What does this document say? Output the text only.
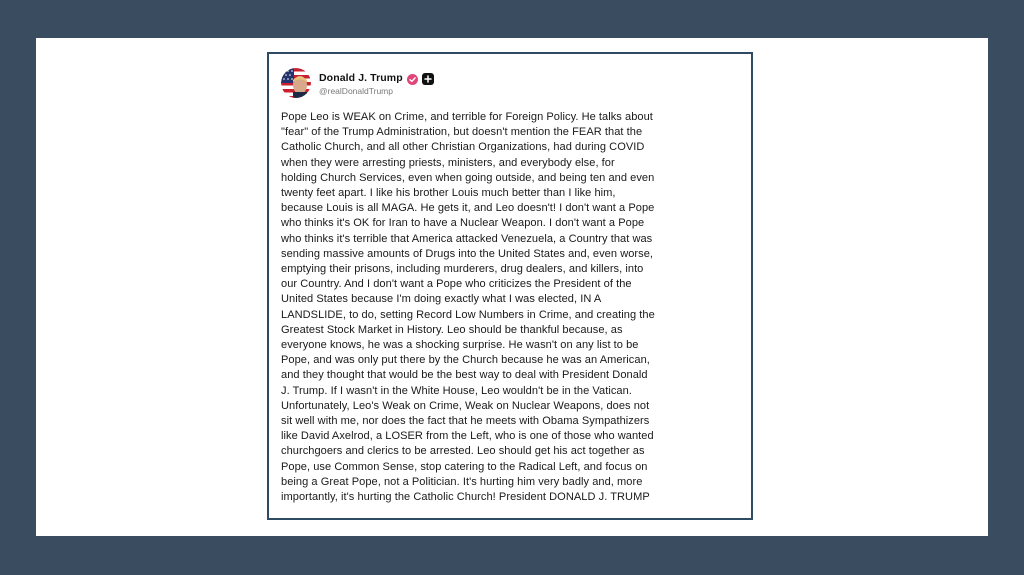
Donald J. Trump
@realDonaldTrump

Pope Leo is WEAK on Crime, and terrible for Foreign Policy. He talks about
"fear" of the Trump Administration, but doesn't mention the FEAR that the
Catholic Church, and all other Christian Organizations, had during COVID
when they were arresting priests, ministers, and everybody else, for
holding Church Services, even when going outside, and being ten and even
twenty feet apart. I like his brother Louis much better than I like him,
because Louis is all MAGA. He gets it, and Leo doesn't! I don't want a Pope
who thinks it's OK for Iran to have a Nuclear Weapon. I don't want a Pope
who thinks it's terrible that America attacked Venezuela, a Country that was
sending massive amounts of Drugs into the United States and, even worse,
emptying their prisons, including murderers, drug dealers, and killers, into
our Country. And I don't want a Pope who criticizes the President of the
United States because I'm doing exactly what I was elected, IN A
LANDSLIDE, to do, setting Record Low Numbers in Crime, and creating the
Greatest Stock Market in History. Leo should be thankful because, as
everyone knows, he was a shocking surprise. He wasn't on any list to be
Pope, and was only put there by the Church because he was an American,
and they thought that would be the best way to deal with President Donald
J. Trump. If I wasn't in the White House, Leo wouldn't be in the Vatican.
Unfortunately, Leo's Weak on Crime, Weak on Nuclear Weapons, does not
sit well with me, nor does the fact that he meets with Obama Sympathizers
like David Axelrod, a LOSER from the Left, who is one of those who wanted
churchgoers and clerics to be arrested. Leo should get his act together as
Pope, use Common Sense, stop catering to the Radical Left, and focus on
being a Great Pope, not a Politician. It's hurting him very badly and, more
importantly, it's hurting the Catholic Church! President DONALD J. TRUMP
